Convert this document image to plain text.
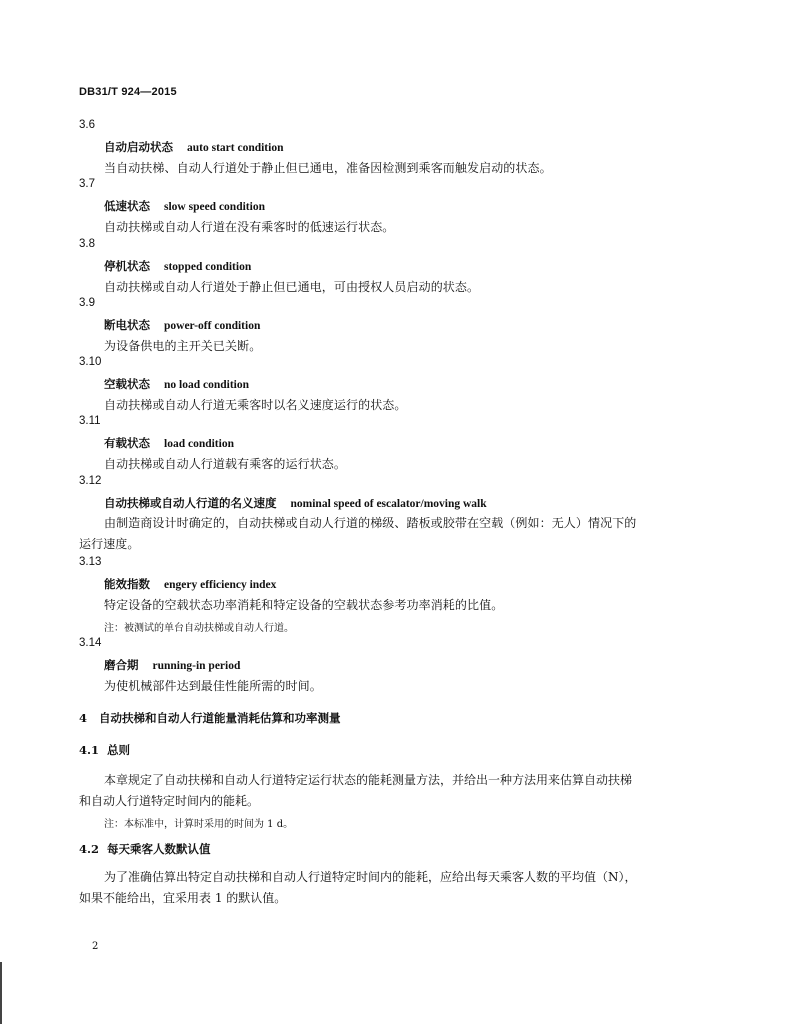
DB31/T 924—2015
3.6
自动启动状态 auto start condition
当自动扶梯、自动人行道处于静止但已通电，准备因检测到乘客而触发启动的状态。
3.7
低速状态 slow speed condition
自动扶梯或自动人行道在没有乘客时的低速运行状态。
3.8
停机状态 stopped condition
自动扶梯或自动人行道处于静止但已通电，可由授权人员启动的状态。
3.9
断电状态 power-off condition
为设备供电的主开关已关断。
3.10
空载状态 no load condition
自动扶梯或自动人行道无乘客时以名义速度运行的状态。
3.11
有载状态 load condition
自动扶梯或自动人行道载有乘客的运行状态。
3.12
自动扶梯或自动人行道的名义速度 nominal speed of escalator/moving walk
由制造商设计时确定的，自动扶梯或自动人行道的梯级、踏板或胶带在空载（例如：无人）情况下的运行速度。
3.13
能效指数 engery efficiency index
特定设备的空载状态功率消耗和特定设备的空载状态参考功率消耗的比值。
注：被测试的单台自动扶梯或自动人行道。
3.14
磨合期 running-in period
为使机械部件达到最佳性能所需的时间。
4 自动扶梯和自动人行道能量消耗估算和功率测量
4.1 总则
本章规定了自动扶梯和自动人行道特定运行状态的能耗测量方法，并给出一种方法用来估算自动扶梯和自动人行道特定时间内的能耗。
注：本标准中，计算时采用的时间为 1 d。
4.2 每天乘客人数默认值
为了准确估算出特定自动扶梯和自动人行道特定时间内的能耗，应给出每天乘客人数的平均值（N），如果不能给出，宜采用表 1 的默认值。
2
